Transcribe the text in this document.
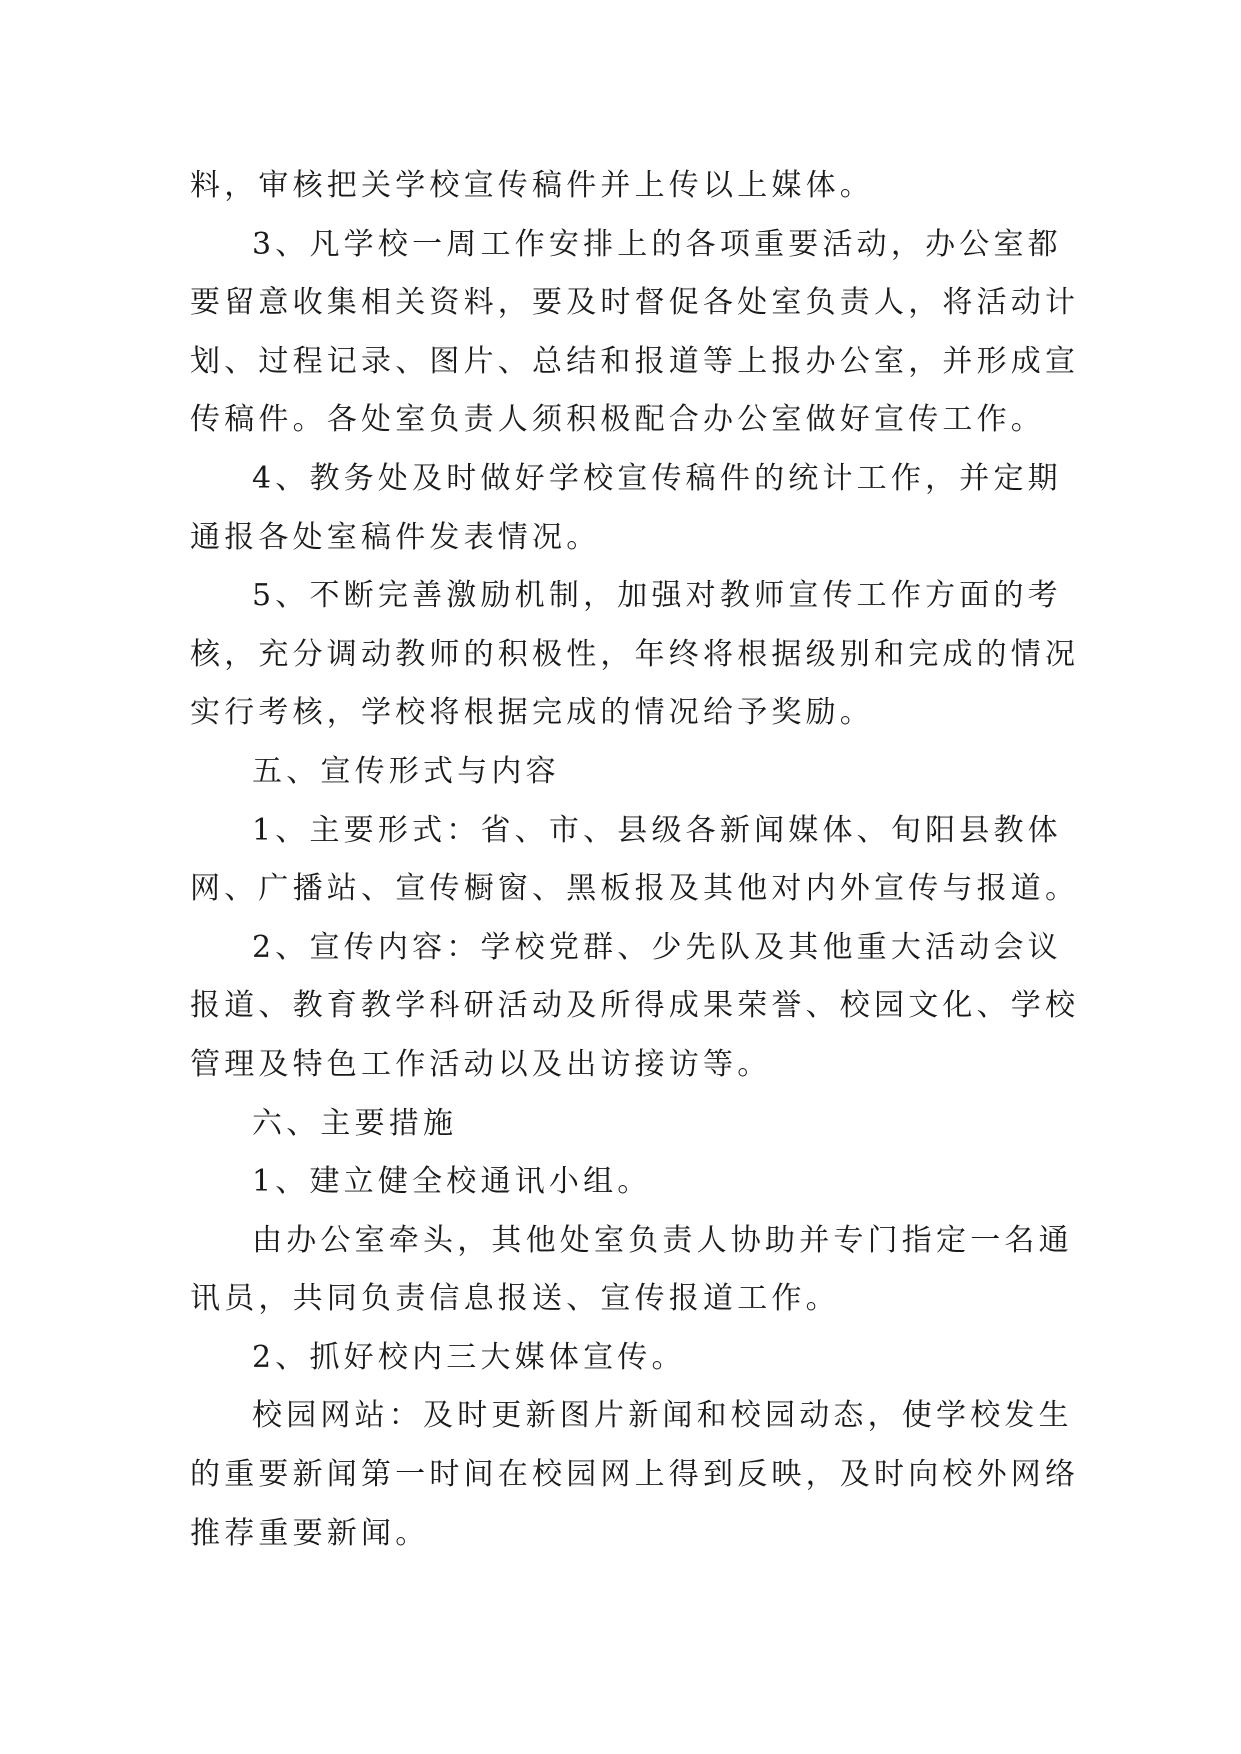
料，审核把关学校宣传稿件并上传以上媒体。
3、凡学校一周工作安排上的各项重要活动，办公室都
要留意收集相关资料，要及时督促各处室负责人，将活动计
划、过程记录、图片、总结和报道等上报办公室，并形成宣
传稿件。各处室负责人须积极配合办公室做好宣传工作。
4、教务处及时做好学校宣传稿件的统计工作，并定期
通报各处室稿件发表情况。
5、不断完善激励机制，加强对教师宣传工作方面的考
核，充分调动教师的积极性，年终将根据级别和完成的情况
实行考核，学校将根据完成的情况给予奖励。
五、宣传形式与内容
1、主要形式：省、市、县级各新闻媒体、旬阳县教体
网、广播站、宣传橱窗、黑板报及其他对内外宣传与报道。
2、宣传内容：学校党群、少先队及其他重大活动会议
报道、教育教学科研活动及所得成果荣誉、校园文化、学校
管理及特色工作活动以及出访接访等。
六、主要措施
1、建立健全校通讯小组。
由办公室牵头，其他处室负责人协助并专门指定一名通
讯员，共同负责信息报送、宣传报道工作。
2、抓好校内三大媒体宣传。
校园网站：及时更新图片新闻和校园动态，使学校发生
的重要新闻第一时间在校园网上得到反映，及时向校外网络
推荐重要新闻。
